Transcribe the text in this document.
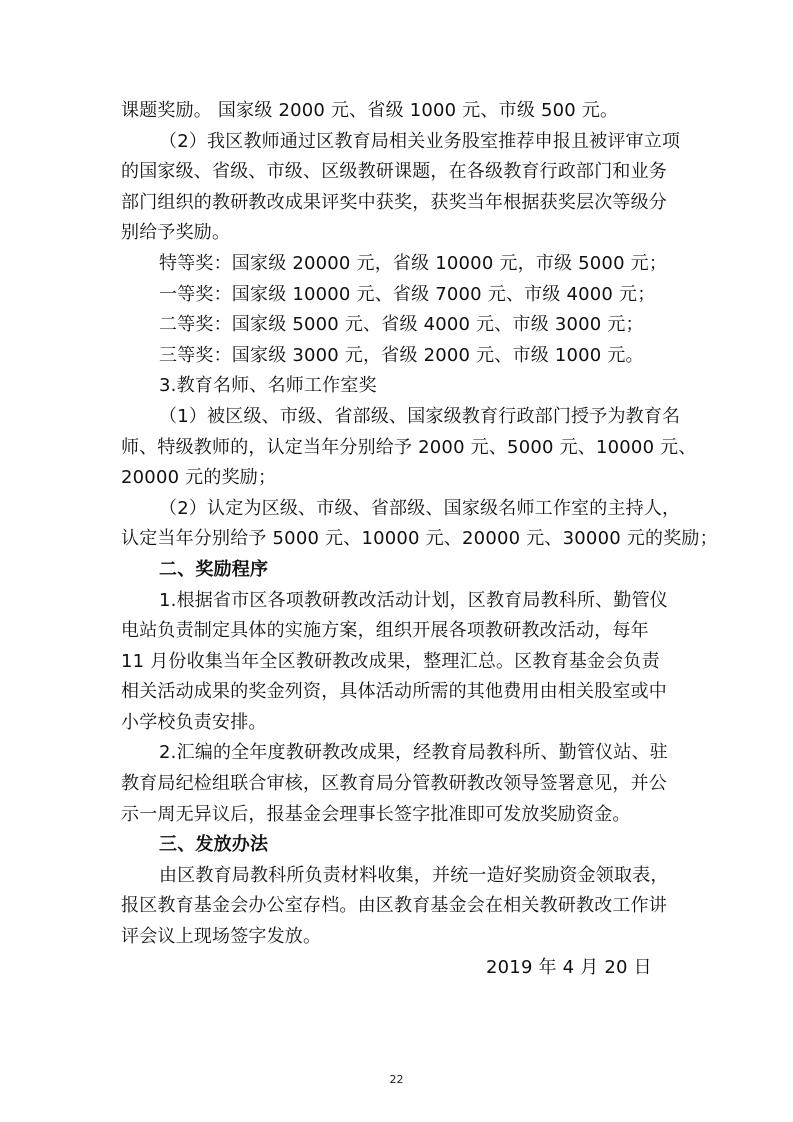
课题奖励。 国家级 2000 元、省级 1000 元、市级 500 元。
（2）我区教师通过区教育局相关业务股室推荐申报且被评审立项
的国家级、省级、市级、区级教研课题，在各级教育行政部门和业务
部门组织的教研教改成果评奖中获奖，获奖当年根据获奖层次等级分
别给予奖励。
特等奖：国家级 20000 元，省级 10000 元，市级 5000 元；
一等奖：国家级 10000 元、省级 7000 元、市级 4000 元；
二等奖：国家级 5000 元、省级 4000 元、市级 3000 元；
三等奖：国家级 3000 元，省级 2000 元、市级 1000 元。
3.教育名师、名师工作室奖
（1）被区级、市级、省部级、国家级教育行政部门授予为教育名
师、特级教师的，认定当年分别给予 2000 元、5000 元、10000 元、
20000 元的奖励；
（2）认定为区级、市级、省部级、国家级名师工作室的主持人，
认定当年分别给予 5000 元、10000 元、20000 元、30000 元的奖励；
二、奖励程序
1.根据省市区各项教研教改活动计划，区教育局教科所、勤管仪
电站负责制定具体的实施方案，组织开展各项教研教改活动，每年
11 月份收集当年全区教研教改成果，整理汇总。区教育基金会负责
相关活动成果的奖金列资，具体活动所需的其他费用由相关股室或中
小学校负责安排。
2.汇编的全年度教研教改成果，经教育局教科所、勤管仪站、驻
教育局纪检组联合审核，区教育局分管教研教改领导签署意见，并公
示一周无异议后，报基金会理事长签字批准即可发放奖励资金。
三、发放办法
由区教育局教科所负责材料收集，并统一造好奖励资金领取表，
报区教育基金会办公室存档。由区教育基金会在相关教研教改工作讲
评会议上现场签字发放。
2019 年 4 月 20 日
22
